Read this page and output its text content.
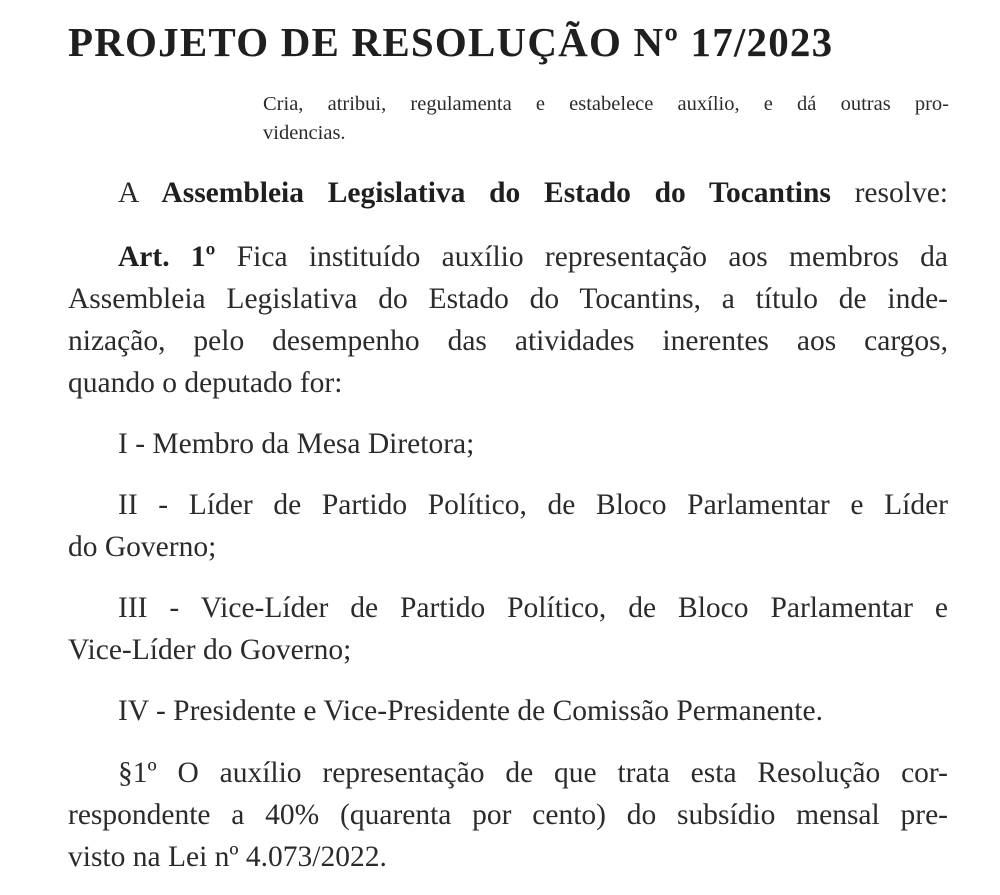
PROJETO DE RESOLUÇÃO Nº 17/2023
Cria, atribui, regulamenta e estabelece auxílio, e dá outras pro-
videncias.
A Assembleia Legislativa do Estado do Tocantins resolve:
Art. 1º Fica instituído auxílio representação aos membros da
Assembleia Legislativa do Estado do Tocantins, a título de inde-
nização, pelo desempenho das atividades inerentes aos cargos,
quando o deputado for:
I - Membro da Mesa Diretora;
II - Líder de Partido Político, de Bloco Parlamentar e Líder
do Governo;
III - Vice-Líder de Partido Político, de Bloco Parlamentar e
Vice-Líder do Governo;
IV - Presidente e Vice-Presidente de Comissão Permanente.
§1º O auxílio representação de que trata esta Resolução cor-
respondente a 40% (quarenta por cento) do subsídio mensal pre-
visto na Lei nº 4.073/2022.
